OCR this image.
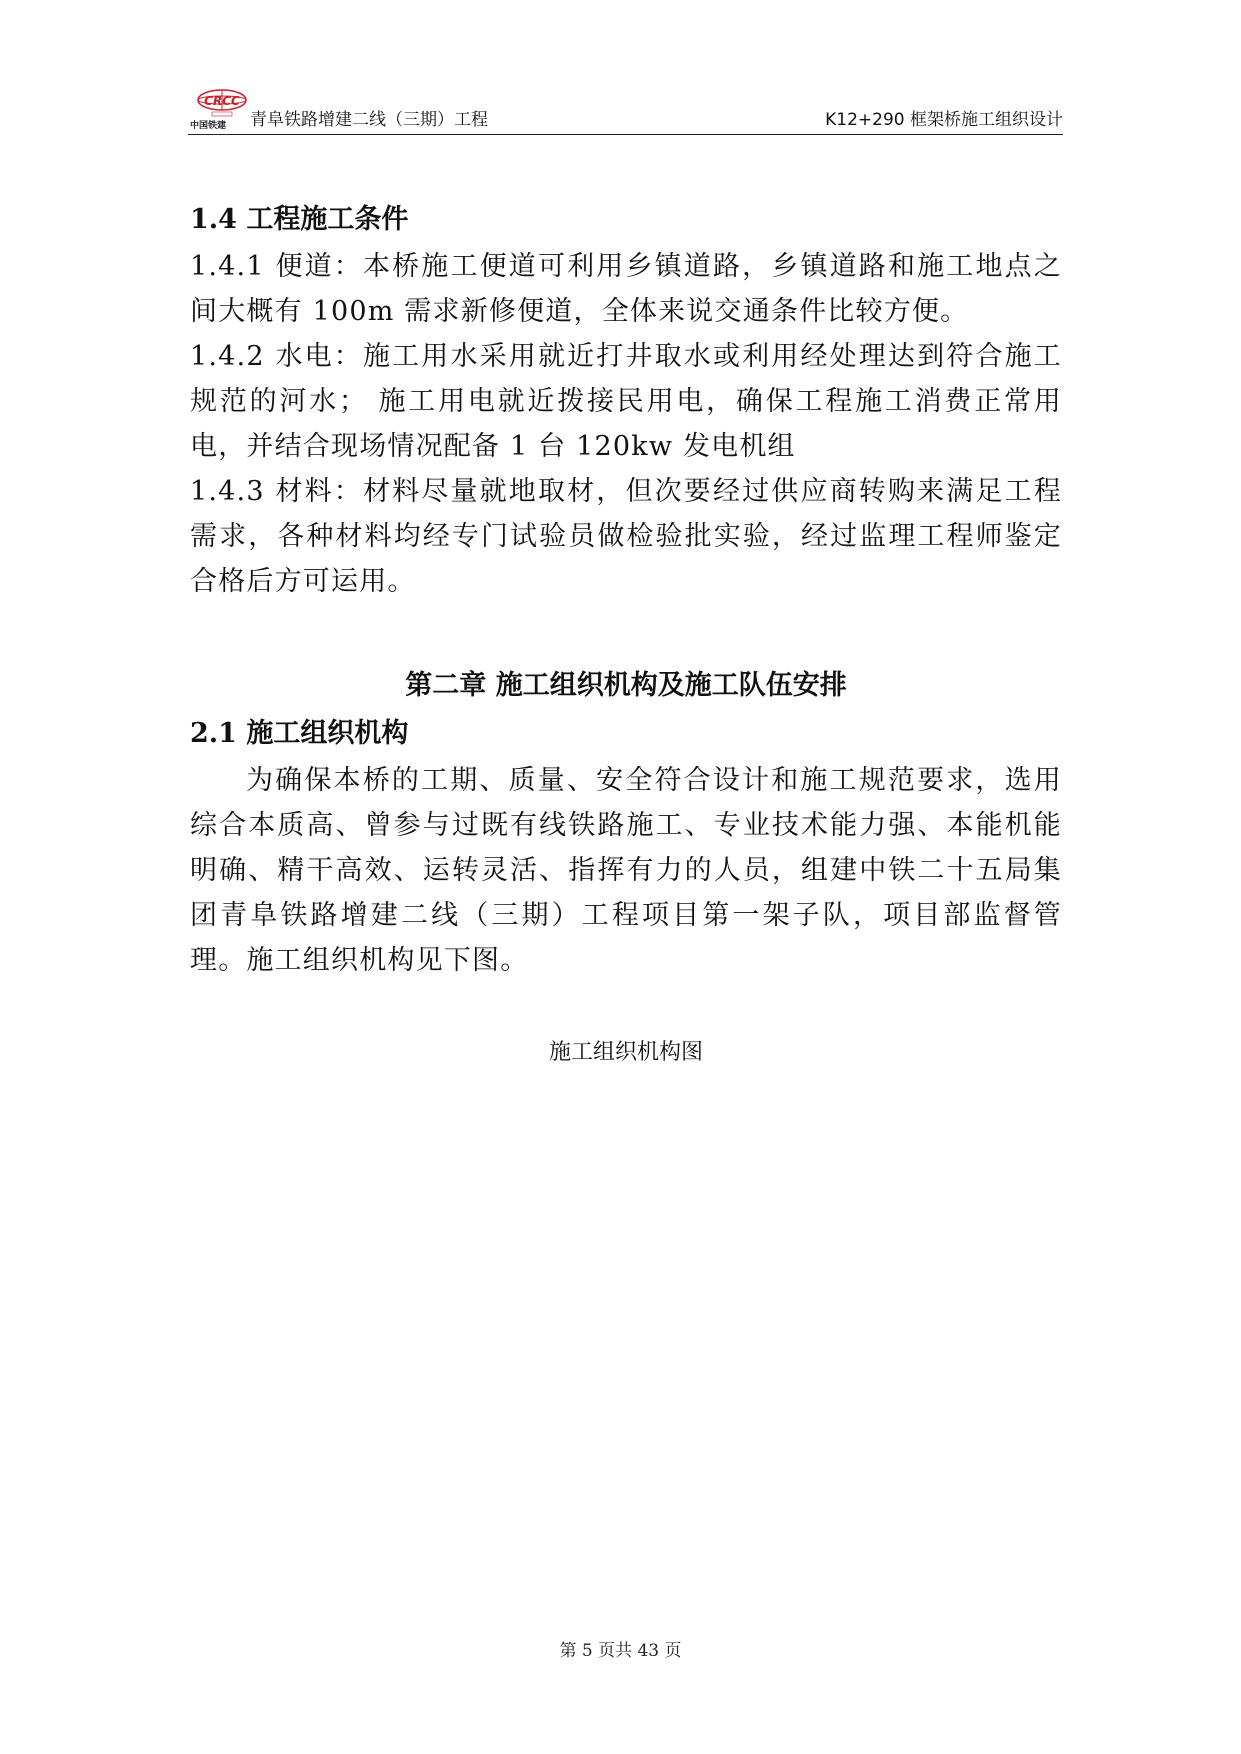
CRCC
中国铁建 青阜铁路增建二线（三期）工程	K12+290 框架桥施工组织设计

1.4 工程施工条件

1.4.1 便道：本桥施工便道可利用乡镇道路，乡镇道路和施工地点之间大概有 100m 需求新修便道，全体来说交通条件比较方便。

1.4.2 水电：施工用水采用就近打井取水或利用经处理达到符合施工规范的河水； 施工用电就近拨接民用电，确保工程施工消费正常用电，并结合现场情况配备 1 台 120kw 发电机组

1.4.3 材料：材料尽量就地取材，但次要经过供应商转购来满足工程需求，各种材料均经专门试验员做检验批实验，经过监理工程师鉴定合格后方可运用。

第二章 施工组织机构及施工队伍安排

2.1 施工组织机构

为确保本桥的工期、质量、安全符合设计和施工规范要求，选用综合本质高、曾参与过既有线铁路施工、专业技术能力强、本能机能明确、精干高效、运转灵活、指挥有力的人员，组建中铁二十五局集团青阜铁路增建二线（三期）工程项目第一架子队，项目部监督管理。施工组织机构见下图。

施工组织机构图
第 5 页共 43 页
